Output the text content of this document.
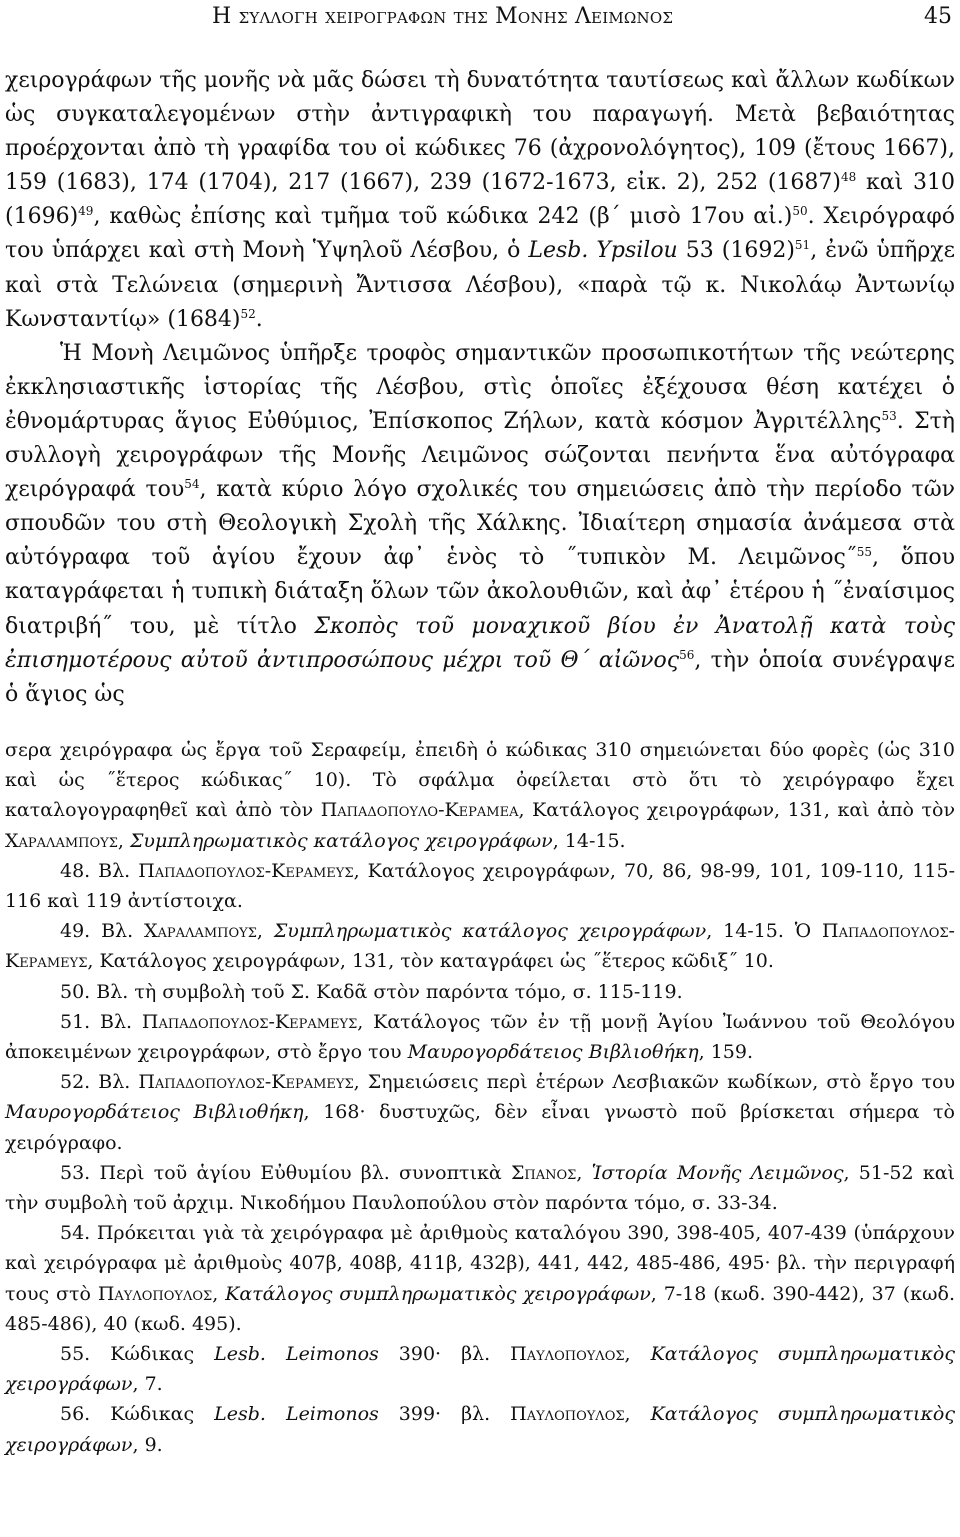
Η συλλογη χειρογραφων της Μονης Λειμωνος	45

χειρογράφων τῆς μονῆς νὰ μᾶς δώσει τὴ δυνατότητα ταυτίσεως καὶ ἄλλων κωδίκων ὡς συγκαταλεγομένων στὴν ἀντιγραφικὴ του παραγωγή. Μετὰ βεβαιότητας προέρχονται ἀπὸ τὴ γραφίδα του οἱ κώδικες 76 (ἀχρονολόγητος), 109 (ἔτους 1667), 159 (1683), 174 (1704), 217 (1667), 239 (1672-1673, εἰκ. 2), 252 $(1687)^{48}$ καὶ 310 $(1696)^{49}$, καθὼς ἐπίσης καὶ τμῆμα τοῦ κώδικα 242 (β΄ μισὸ 17ου αἰ.)$^{50}$. Χειρόγραφό του ὑπάρχει καὶ στὴ Μονὴ Ὑψηλοῦ Λέσβου, ὁ Lesb. Ypsilou 53 $(1692)^{51}$, ἐνῶ ὑπῆρχε καὶ στὰ Τελώνεια (σημερινὴ Ἄντισσα Λέσβου), «παρὰ τῷ κ. Νικολάῳ Ἀντωνίῳ Κωνσταντίῳ» $(1684)^{52}$.

Ἡ Μονὴ Λειμῶνος ὑπῆρξε τροφὸς σημαντικῶν προσωπικοτήτων τῆς νεώτερης ἐκκλησιαστικῆς ἱστορίας τῆς Λέσβου, στὶς ὁποῖες ἐξέχουσα θέση κατέχει ὁ ἐθνομάρτυρας ἅγιος Εὐθύμιος, Ἐπίσκοπος Ζήλων, κατὰ κόσμον Ἀγριτέλλης$^{53}$. Στὴ συλλογὴ χειρογράφων τῆς Μονῆς Λειμῶνος σώζονται πενήντα ἕνα αὐτόγραφα χειρόγραφά του$^{54}$, κατὰ κύριο λόγο σχολικές του σημειώσεις ἀπὸ τὴν περίοδο τῶν σπουδῶν του στὴ Θεολογικὴ Σχολὴ τῆς Χάλκης. Ἰδιαίτερη σημασία ἀνάμεσα στὰ αὐτόγραφα τοῦ ἁγίου ἔχουν ἀφ᾽ ἑνὸς τὸ ˝τυπικὸν Μ. Λειμῶνος˝$^{55}$, ὅπου καταγράφεται ἡ τυπικὴ διάταξη ὅλων τῶν ἀκολουθιῶν, καὶ ἀφ᾽ ἑτέρου ἡ ˝ἐναίσιμος διατριβή˝ του, μὲ τίτλο Σκοπὸς τοῦ μοναχικοῦ βίου ἐν Ἀνατολῇ κατὰ τοὺς ἐπισημοτέρους αὐτοῦ ἀντιπροσώπους μέχρι τοῦ Θ΄ αἰῶνος$^{56}$, τὴν ὁποία συνέγραψε ὁ ἅγιος ὡς

σερα χειρόγραφα ὡς ἔργα τοῦ Σεραφείμ, ἐπειδὴ ὁ κώδικας 310 σημειώνεται δύο φορὲς (ὡς 310 καὶ ὡς ˝ἕτερος κώδικας˝ 10). Τὸ σφάλμα ὀφείλεται στὸ ὅτι τὸ χειρόγραφο ἔχει καταλογογραφηθεῖ καὶ ἀπὸ τὸν Παπαδοπουλο-Κεραμεα, Κατάλογος χειρογράφων, 131, καὶ ἀπὸ τὸν Χαραλαμπους, Συμπληρωματικὸς κατάλογος χειρογράφων, 14-15.

48. Βλ. Παπαδοπουλος-Κεραμευς, Κατάλογος χειρογράφων, 70, 86, 98-99, 101, 109-110, 115-116 καὶ 119 ἀντίστοιχα.

49. Βλ. Χαραλαμπους, Συμπληρωματικὸς κατάλογος χειρογράφων, 14-15. Ὁ Παπαδοπουλος-Κεραμευς, Κατάλογος χειρογράφων, 131, τὸν καταγράφει ὡς ˝ἕτερος κῶδιξ˝ 10.

50. Βλ. τὴ συμβολὴ τοῦ Σ. Καδᾶ στὸν παρόντα τόμο, σ. 115-119.

51. Βλ. Παπαδοπουλος-Κεραμευς, Κατάλογος τῶν ἐν τῇ μονῇ Ἁγίου Ἰωάννου τοῦ Θεολόγου ἀποκειμένων χειρογράφων, στὸ ἔργο του Μαυρογορδάτειος Βιβλιοθήκη, 159.

52. Βλ. Παπαδοπουλος-Κεραμευς, Σημειώσεις περὶ ἑτέρων Λεσβιακῶν κωδίκων, στὸ ἔργο του Μαυρογορδάτειος Βιβλιοθήκη, 168· δυστυχῶς, δὲν εἶναι γνωστὸ ποῦ βρίσκεται σήμερα τὸ χειρόγραφο.

53. Περὶ τοῦ ἁγίου Εὐθυμίου βλ. συνοπτικὰ Σπανος, Ἱστορία Μονῆς Λειμῶνος, 51-52 καὶ τὴν συμβολὴ τοῦ ἀρχιμ. Νικοδήμου Παυλοπούλου στὸν παρόντα τόμο, σ. 33-34.

54. Πρόκειται γιὰ τὰ χειρόγραφα μὲ ἀριθμοὺς καταλόγου 390, 398-405, 407-439 (ὑπάρχουν καὶ χειρόγραφα μὲ ἀριθμοὺς 407β, 408β, 411β, 432β), 441, 442, 485-486, 495· βλ. τὴν περιγραφή τους στὸ Παυλοπουλος, Κατάλογος συμπληρωματικὸς χειρογράφων, 7-18 (κωδ. 390-442), 37 (κωδ. 485-486), 40 (κωδ. 495).

55. Κώδικας Lesb. Leimonos 390· βλ. Παυλοπουλος, Κατάλογος συμπληρωματικὸς χειρογράφων, 7.

56. Κώδικας Lesb. Leimonos 399· βλ. Παυλοπουλος, Κατάλογος συμπληρωματικὸς χειρογράφων, 9.
